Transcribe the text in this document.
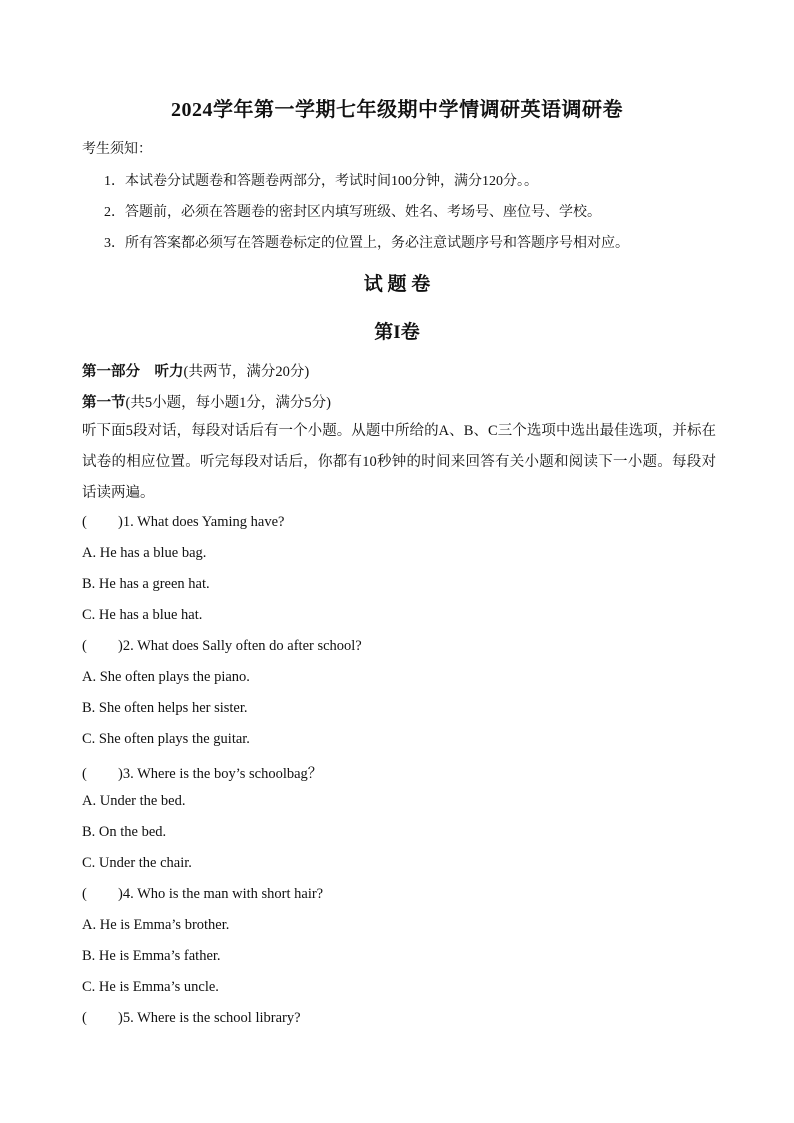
2024学年第一学期七年级期中学情调研英语调研卷
考生须知：
1．本试卷分试题卷和答题卷两部分，考试时间100分钟，满分120分。。
2．答题前，必须在答题卷的密封区内填写班级、姓名、考场号、座位号、学校。
3．所有答案都必须写在答题卷标定的位置上，务必注意试题序号和答题序号相对应。
试 题 卷
第I卷
第一部分　听力(共两节，满分20分)
第一节(共5小题，每小题1分，满分5分)
听下面5段对话，每段对话后有一个小题。从题中所给的A、B、C三个选项中选出最佳选项，并标在试卷的相应位置。听完每段对话后，你都有10秒钟的时间来回答有关小题和阅读下一小题。每段对话读两遍。
( )1. What does Yaming have?
A. He has a blue bag.
B. He has a green hat.
C. He has a blue hat.
( )2. What does Sally often do after school?
A. She often plays the piano.
B. She often helps her sister.
C. She often plays the guitar.
( )3. Where is the boy’s schoolbag？
A. Under the bed.
B. On the bed.
C. Under the chair.
( )4. Who is the man with short hair?
A. He is Emma’s brother.
B. He is Emma’s father.
C. He is Emma’s uncle.
( )5. Where is the school library?
